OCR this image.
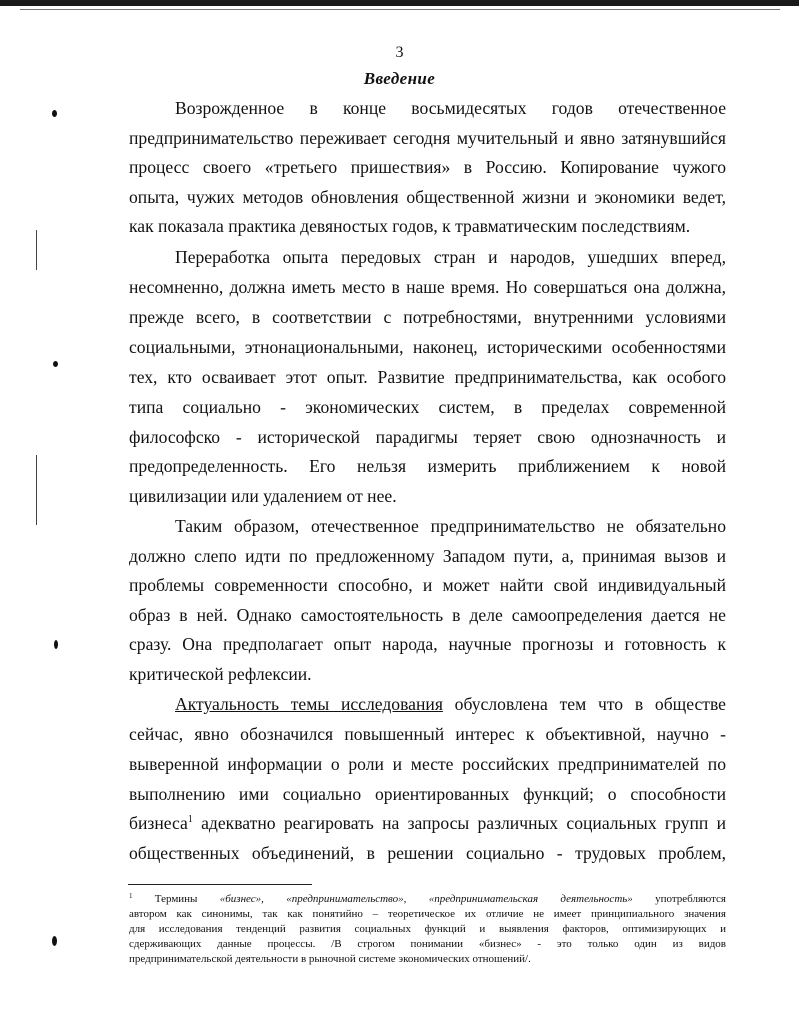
3
Введение
Возрожденное в конце восьмидесятых годов отечественное
предпринимательство переживает сегодня мучительный и явно затянувшийся
процесс своего «третьего пришествия» в Россию. Копирование чужого
опыта, чужих методов обновления общественной жизни и экономики ведет,
как показала практика девяностых годов, к травматическим последствиям.
Переработка опыта передовых стран и народов, ушедших вперед,
несомненно, должна иметь место в наше время. Но совершаться она должна,
прежде всего, в соответствии с потребностями, внутренними условиями
социальными, этнонациональными, наконец, историческими особенностями
тех, кто осваивает этот опыт. Развитие предпринимательства, как особого
типа социально - экономических систем, в пределах современной
философско - исторической парадигмы теряет свою однозначность и
предопределенность. Его нельзя измерить приближением к новой
цивилизации или удалением от нее.
Таким образом, отечественное предпринимательство не обязательно
должно слепо идти по предложенному Западом пути, а, принимая вызов и
проблемы современности способно, и может найти свой индивидуальный
образ в ней. Однако самостоятельность в деле самоопределения дается не
сразу. Она предполагает опыт народа, научные прогнозы и готовность к
критической рефлексии.
Актуальность темы исследования обусловлена тем что в обществе
сейчас, явно обозначился повышенный интерес к объективной, научно -
выверенной информации о роли и месте российских предпринимателей по
выполнению ими социально ориентированных функций; о способности
бизнеса$^1$ адекватно реагировать на запросы различных социальных групп и
общественных объединений, в решении социально - трудовых проблем,
$^1$ Термины «бизнес», «предпринимательство», «предпринимательская деятельность» употребляются
автором как синонимы, так как понятийно – теоретическое их отличие не имеет принципиального значения
для исследования тенденций развития социальных функций и выявления факторов, оптимизирующих и
сдерживающих данные процессы. /В строгом понимании «бизнес» - это только один из видов
предпринимательской деятельности в рыночной системе экономических отношений/.
